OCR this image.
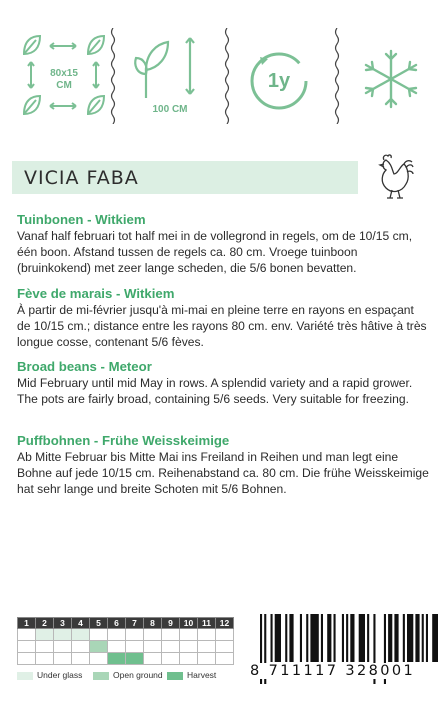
80x15
CM
100 CM
1y
VICIA FABA
Tuinbonen - Witkiem

Vanaf half februari tot half mei in de vollegrond in regels, om de 10/15 cm, één boon. Afstand tussen de regels ca. 80 cm. Vroege tuinboon (bruinkokend) met zeer lange scheden, die 5/6 bonen bevatten.

Fève de marais - Witkiem

À partir de mi-février jusqu'à mi-mai en pleine terre en rayons en espaçant de 10/15 cm.; distance entre les rayons 80 cm. env. Variété très hâtive à très longue cosse, contenant 5/6 fèves.

Broad beans - Meteor

Mid February until mid May in rows. A splendid variety and a rapid grower. The pots are fairly broad, containing 5/6 seeds. Very suitable for freezing.

Puffbohnen - Frühe Weisskeimige

Ab Mitte Februar bis Mitte Mai ins Freiland in Reihen und man legt eine Bohne auf jede 10/15 cm. Reihenabstand ca. 80 cm. Die frühe Weisskeimige hat sehr lange und breite Schoten mit 5/6 Bohnen.

1	2	3	4	5	6	7	8	9	10	11	12

Under glass	Open ground	Harvest 8 711117 328001
